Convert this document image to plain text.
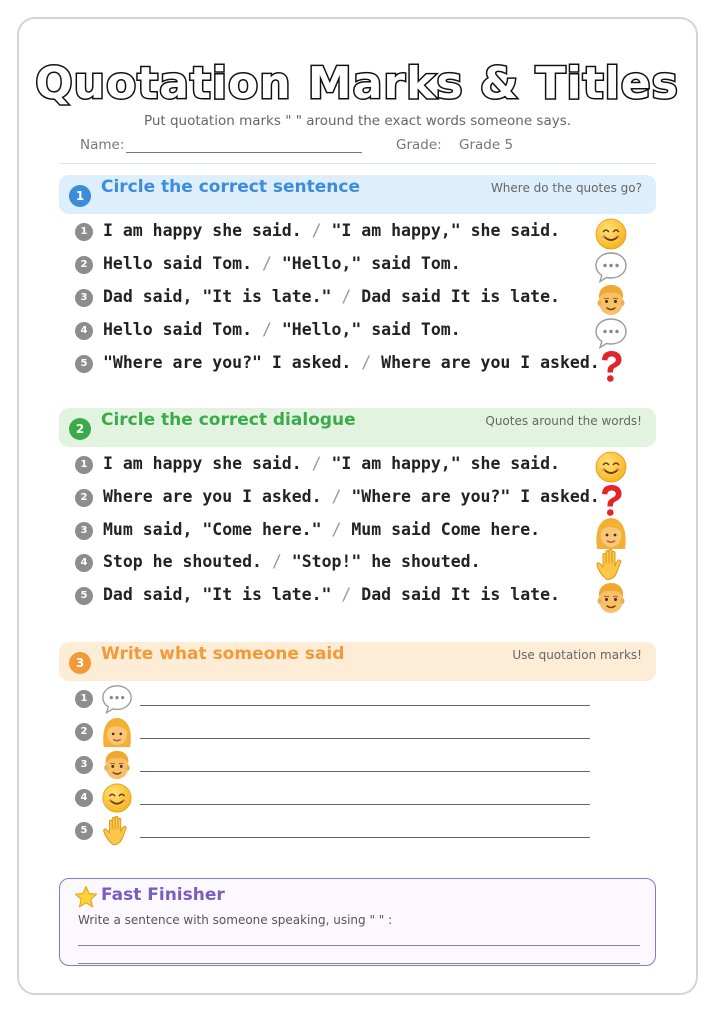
Quotation Marks & Titles
Put quotation marks " " around the exact words someone says.
Name:	Grade: Grade 5
1 Circle the correct sentence	Where do the quotes go?
1 I am happy she said. / "I am happy," she said.
2 Hello said Tom. / "Hello," said Tom.
3 Dad said, "It is late." / Dad said It is late.
4 Hello said Tom. / "Hello," said Tom.
5 "Where are you?" I asked. / Where are you I asked.
2 Circle the correct dialogue	Quotes around the words!
1 I am happy she said. / "I am happy," she said.
2 Where are you I asked. / "Where are you?" I asked.
3 Mum said, "Come here." / Mum said Come here.
4 Stop he shouted. / "Stop!" he shouted.
5 Dad said, "It is late." / Dad said It is late.
3 Write what someone said	Use quotation marks!
1
2
3
4
5
Fast Finisher
Write a sentence with someone speaking, using " " :
